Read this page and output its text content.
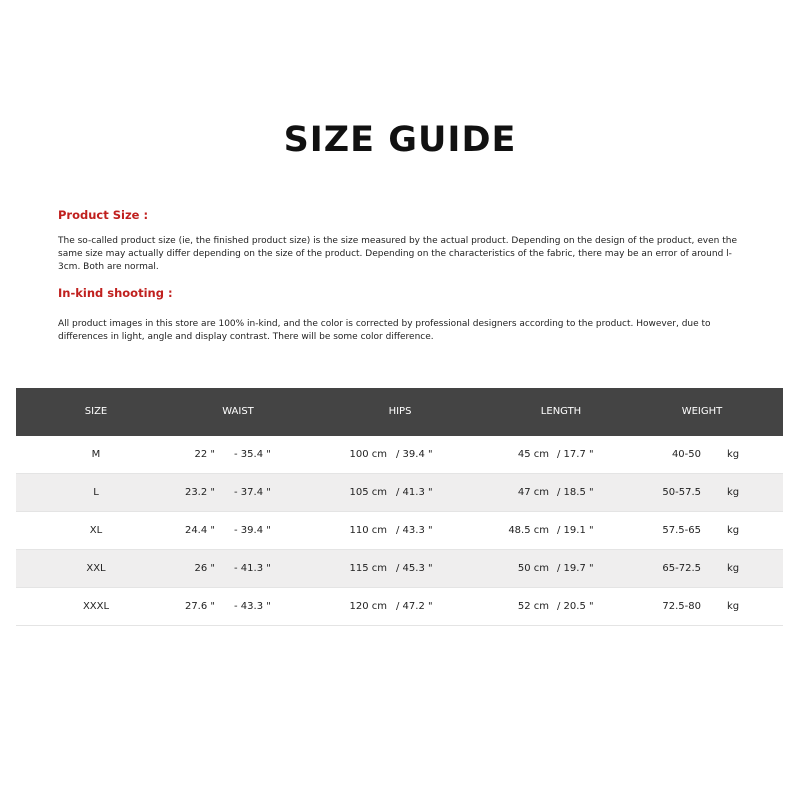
SIZE GUIDE
Product Size :
The so-called product size (ie, the finished product size) is the size measured by the actual product. Depending on the design of the product, even the
same size may actually differ depending on the size of the product. Depending on the characteristics of the fabric, there may be an error of around l-
3cm. Both are normal.
In-kind shooting :
All product images in this store are 100% in-kind, and the color is corrected by professional designers according to the product. However, due to
differences in light, angle and display contrast. There will be some color difference.
SIZE	WAIST	HIPS	LENGTH	WEIGHT
M	22 " - 35.4 "	100 cm / 39.4 "	45 cm / 17.7 "	40-50	kg
L	23.2 " - 37.4 "	105 cm / 41.3 "	47 cm / 18.5 "	50-57.5	kg
XL	24.4 " - 39.4 "	110 cm / 43.3 "	48.5 cm / 19.1 "	57.5-65	kg
XXL	26 " - 41.3 "	115 cm / 45.3 "	50 cm / 19.7 "	65-72.5	kg
XXXL	27.6 " - 43.3 "	120 cm / 47.2 "	52 cm / 20.5 "	72.5-80	kg
